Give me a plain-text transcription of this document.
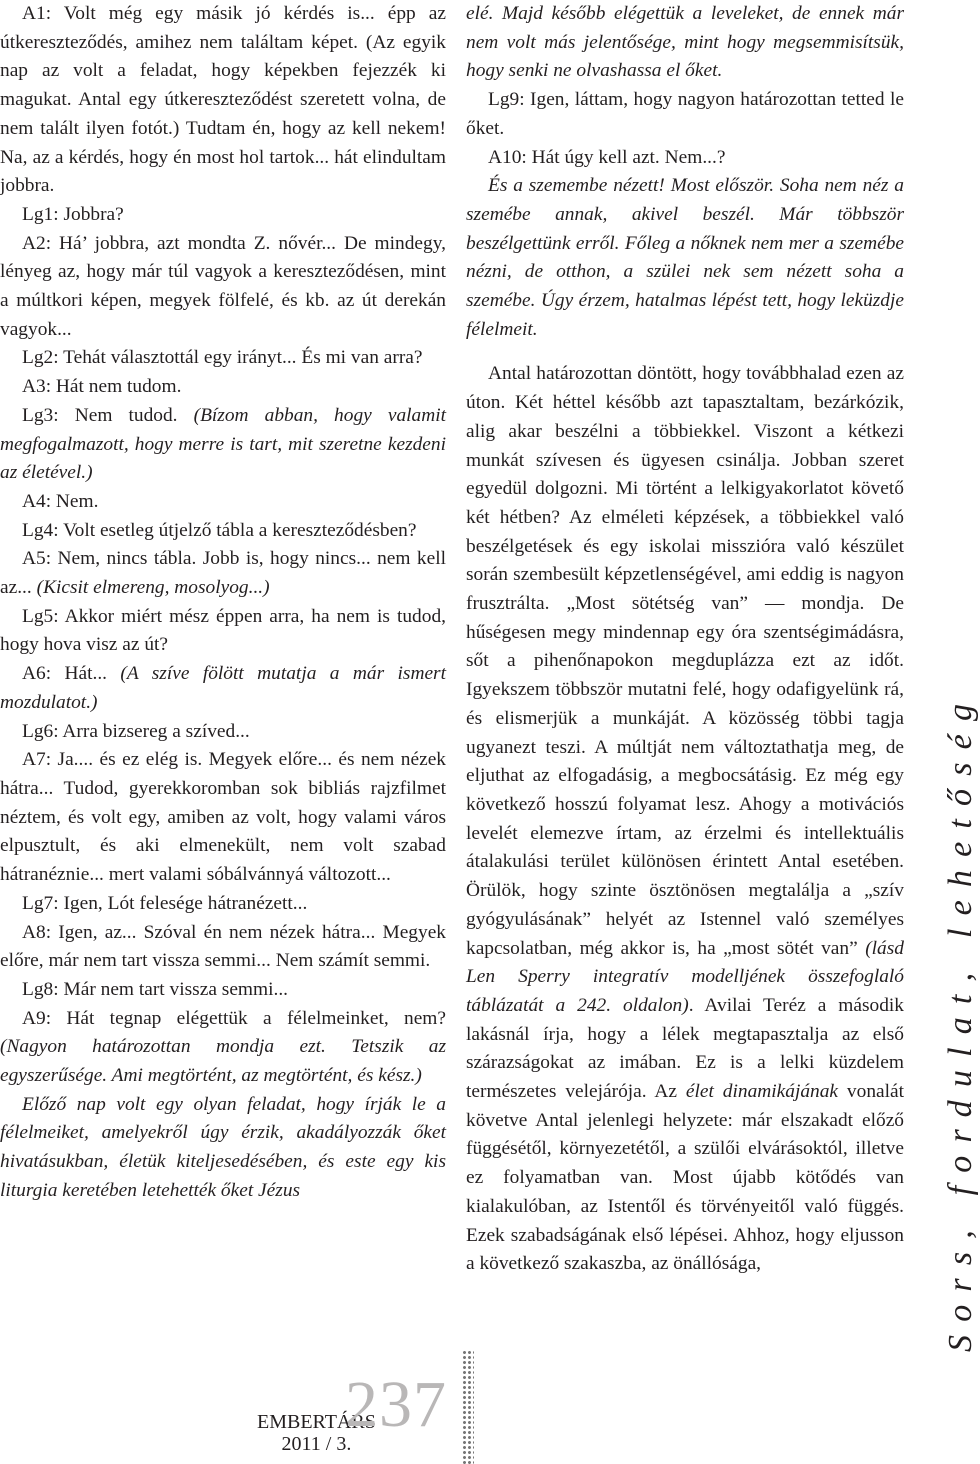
A1: Volt még egy másik jó kérdés is... épp az útkereszteződés, amihez nem találtam képet. (Az egyik nap az volt a feladat, hogy képekben fejezzék ki magukat. Antal egy útkereszteződést szeretett volna, de nem talált ilyen fotót.) Tudtam én, hogy az kell nekem! Na, az a kérdés, hogy én most hol tartok... hát elindultam jobbra.

Lg1: Jobbra?

A2: Há’ jobbra, azt mondta Z. nővér... De mindegy, lényeg az, hogy már túl vagyok a kereszteződésen, mint a múltkori képen, megyek fölfelé, és kb. az út derekán vagyok...

Lg2: Tehát választottál egy irányt... És mi van arra?

A3: Hát nem tudom.

Lg3: Nem tudod. (Bízom abban, hogy valamit megfogalmazott, hogy merre is tart, mit szeretne kezdeni az életével.)

A4: Nem.

Lg4: Volt esetleg útjelző tábla a kereszteződésben?

A5: Nem, nincs tábla. Jobb is, hogy nincs... nem kell az... (Kicsit elmereng, mosolyog...)

Lg5: Akkor miért mész éppen arra, ha nem is tudod, hogy hova visz az út?

A6: Hát... (A szíve fölött mutatja a már ismert mozdulatot.)

Lg6: Arra bizsereg a szíved...

A7: Ja.... és ez elég is. Megyek előre... és nem nézek hátra... Tudod, gyerekkoromban sok bibliás rajzfilmet néztem, és volt egy, amiben az volt, hogy valami város elpusztult, és aki elmenekült, nem volt szabad hátranéznie... mert valami sóbálvánnyá változott...

Lg7: Igen, Lót felesége hátranézett...

A8: Igen, az... Szóval én nem nézek hátra... Megyek előre, már nem tart vissza semmi... Nem számít semmi.

Lg8: Már nem tart vissza semmi...

A9: Hát tegnap elégettük a félelmeinket, nem? (Nagyon határozottan mondja ezt. Tetszik az egyszerűsége. Ami megtörtént, az megtörtént, és kész.)

Előző nap volt egy olyan feladat, hogy írják le a félelmeiket, amelyekről úgy érzik, akadályozzák őket hivatásukban, életük kiteljesedésében, és este egy kis liturgia keretében letehették őket Jézus

elé. Majd később elégettük a leveleket, de ennek már nem volt más jelentősége, mint hogy megsemmisítsük, hogy senki ne olvashassa el őket.

Lg9: Igen, láttam, hogy nagyon határozottan tetted le őket.

A10: Hát úgy kell azt. Nem...?

És a szemembe nézett! Most először. Soha nem néz a szemébe annak, akivel beszél. Már többször beszélgettünk erről. Főleg a nőknek nem mer a szemébe nézni, de otthon, a szülei nek sem nézett soha a szemébe. Úgy érzem, hatalmas lépést tett, hogy leküzdje félelmeit.

Antal határozottan döntött, hogy továbbhalad ezen az úton. Két héttel később azt tapasztaltam, bezárkózik, alig akar beszélni a többiekkel. Viszont a kétkezi munkát szívesen és ügyesen csinálja. Jobban szeret egyedül dolgozni. Mi történt a lelkigyakorlatot követő két hétben? Az elméleti képzések, a többiekkel való beszélgetések és egy iskolai misszióra való készület során szembesült képzetlenségével, ami eddig is nagyon frusztrálta. „Most sötétség van” — mondja. De hűségesen megy mindennap egy óra szentségimádásra, sőt a pihenőnapokon megduplázza ezt az időt. Igyekszem többször mutatni felé, hogy odafigyelünk rá, és elismerjük a munkáját. A közösség többi tagja ugyanezt teszi. A múltját nem változtathatja meg, de eljuthat az elfogadásig, a megbocsátásig. Ez még egy következő hosszú folyamat lesz. Ahogy a motivációs levelét elemezve írtam, az érzelmi és intellektuális átalakulási terület különösen érintett Antal esetében. Örülök, hogy szinte ösztönösen megtalálja a „szív gyógyulásának” helyét az Istennel való személyes kapcsolatban, még akkor is, ha „most sötét van” (lásd Len Sperry integratív modelljének összefoglaló táblázatát a 242. oldalon). Avilai Teréz a második lakásnál írja, hogy a lélek megtapasztalja az első szárazságokat az imában. Ez is a lelki küzdelem természetes velejárója. Az élet dinamikájának vonalát követve Antal jelenlegi helyzete: már elszakadt előző függésétől, környezetétől, a szülői elvárásoktól, illetve ez folyamatban van. Most újabb kötődés van kialakulóban, az Istentől és törvényeitől való függés. Ezek szabadságának első lépései. Ahhoz, hogy eljusson a következő szakaszba, az önállósága,	Sors, fordulat, lehetőség
EMBERTÁRS
2011 / 3.
237
